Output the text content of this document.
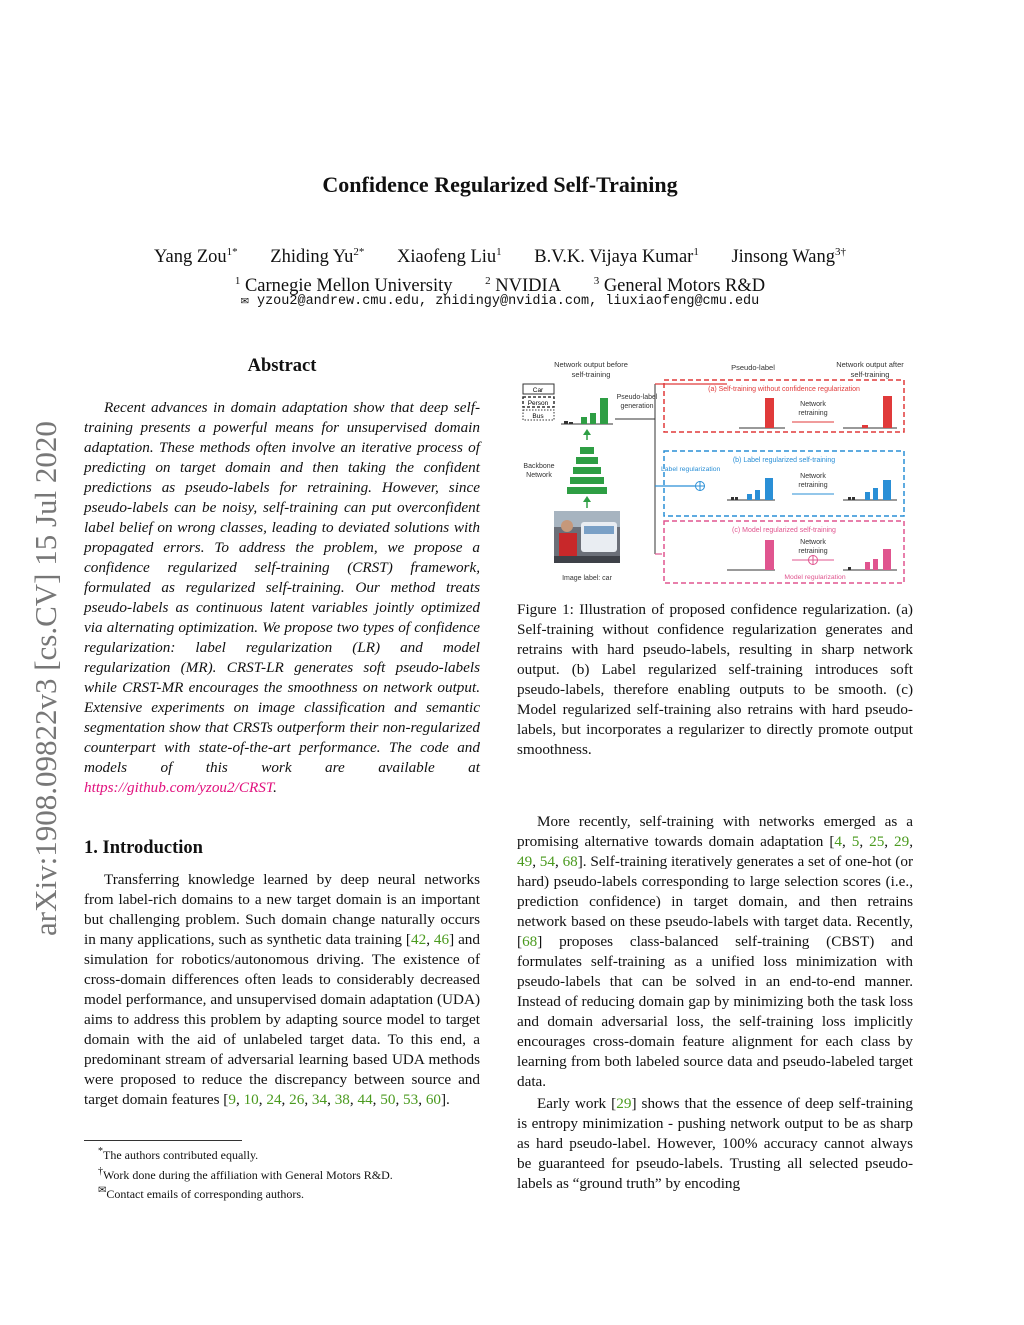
Confidence Regularized Self-Training
Yang Zou$^{1*}$ Zhiding $Yu^{2*}$ Xiaofeng Liu$^1$ B.V.K. Vijaya Kumar$^1$ Jinsong Wang$^{3\dagger}$
$^1$ Carnegie Mellon University	$^2$ NVIDIA	$^3$ General Motors R&D
✉ yzou2@andrew.cmu.edu, zhidingy@nvidia.com, liuxiaofeng@cmu.edu
arXiv:1908.09822v3 [cs.CV] 15 Jul 2020
Abstract

Recent advances in domain adaptation show that deep self-training presents a powerful means for unsupervised domain adaptation. These methods often involve an iterative process of predicting on target domain and then taking the confident predictions as pseudo-labels for retraining. However, since pseudo-labels can be noisy, self-training can put overconfident label belief on wrong classes, leading to deviated solutions with propagated errors. To address the problem, we propose a confidence regularized self-training (CRST) framework, formulated as regularized self-training. Our method treats pseudo-labels as continuous latent variables jointly optimized via alternating optimization. We propose two types of confidence regularization: label regularization (LR) and model regularization (MR). CRST-LR generates soft pseudo-labels while CRST-MR encourages the smoothness on network output. Extensive experiments on image classification and semantic segmentation show that CRSTs outperform their non-regularized counterpart with state-of-the-art performance. The code and models of this work are available at https://github.com/yzou2/CRST.

1. Introduction

Transferring knowledge learned by deep neural networks from label-rich domains to a new target domain is an important but challenging problem. Such domain change naturally occurs in many applications, such as synthetic data training [42, 46] and simulation for robotics/autonomous driving. The existence of cross-domain differences often leads to considerably decreased model performance, and unsupervised domain adaptation (UDA) aims to address this problem by adapting source model to target domain with the aid of unlabeled target data. To this end, a predominant stream of adversarial learning based UDA methods were proposed to reduce the discrepancy between source and target domain features [9, 10, 24, 26, 34, 38, 44, 50, 53, 60].

*The authors contributed equally.
†Work done during the affiliation with General Motors R&D.
✉Contact emails of corresponding authors.
Network output before
self-training
Pseudo-label	Network output after
self-training
Car
Person
Bus
Pseudo-label
generation
(a) Self-training without confidence regularization
Network
retraining
(b) Label regularized self-training
Label regularization
Network
retraining
(c) Model regularized self-training
Network
retraining
Model regularization
Backbone
Network
Image label: car
Figure 1: Illustration of proposed confidence regularization. (a) Self-training without confidence regularization generates and retrains with hard pseudo-labels, resulting in sharp network output. (b) Label regularized self-training introduces soft pseudo-labels, therefore enabling outputs to be smooth. (c) Model regularized self-training also retrains with hard pseudo-labels, but incorporates a regularizer to directly promote output smoothness.

More recently, self-training with networks emerged as a promising alternative towards domain adaptation [4, 5, 25, 29, 49, 54, 68]. Self-training iteratively generates a set of one-hot (or hard) pseudo-labels corresponding to large selection scores (i.e., prediction confidence) in target domain, and then retrains network based on these pseudo-labels with target data. Recently, [68] proposes class-balanced self-training (CBST) and formulates self-training as a unified loss minimization with pseudo-labels that can be solved in an end-to-end manner. Instead of reducing domain gap by minimizing both the task loss and domain adversarial loss, the self-training loss implicitly encourages cross-domain feature alignment for each class by learning from both labeled source data and pseudo-labeled target data.

Early work [29] shows that the essence of deep self-training is entropy minimization - pushing network output to be as sharp as hard pseudo-label. However, 100% accuracy cannot always be guaranteed for pseudo-labels. Trusting all selected pseudo-labels as “ground truth” by encoding
